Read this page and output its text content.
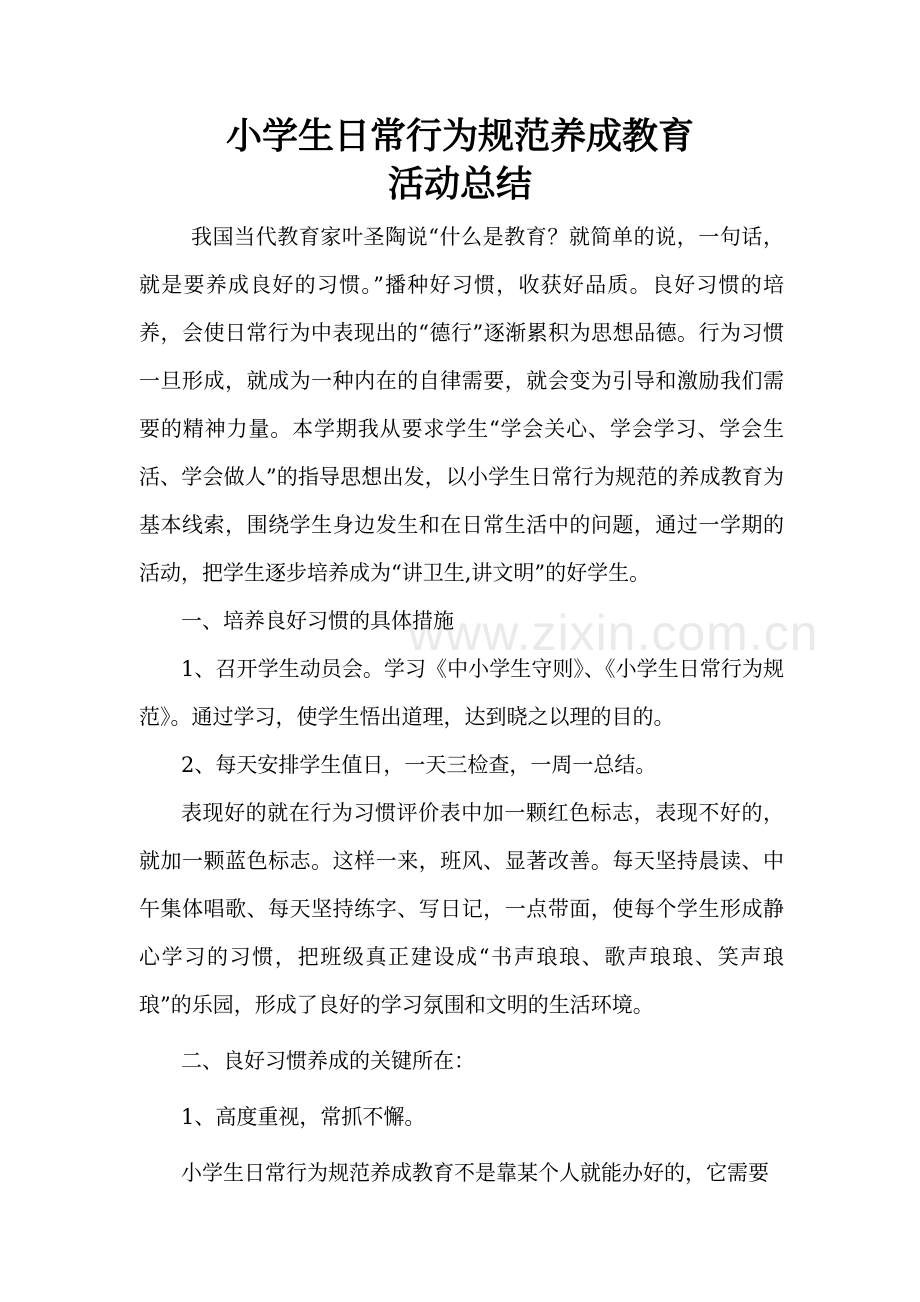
小学生日常行为规范养成教育
活动总结

我国当代教育家叶圣陶说“什么是教育？就简单的说，一句话，就是要养成良好的习惯。”播种好习惯，收获好品质。良好习惯的培养，会使日常行为中表现出的“德行”逐渐累积为思想品德。行为习惯一旦形成，就成为一种内在的自律需要，就会变为引导和激励我们需要的精神力量。本学期我从要求学生“学会关心、学会学习、学会生活、学会做人”的指导思想出发，以小学生日常行为规范的养成教育为基本线索，围绕学生身边发生和在日常生活中的问题，通过一学期的活动，把学生逐步培养成为“讲卫生,讲文明”的好学生。

一、培养良好习惯的具体措施

1、召开学生动员会。学习《中小学生守则》、《小学生日常行为规范》。通过学习，使学生悟出道理，达到晓之以理的目的。

2、每天安排学生值日，一天三检查，一周一总结。

表现好的就在行为习惯评价表中加一颗红色标志，表现不好的，就加一颗蓝色标志。这样一来，班风、显著改善。每天坚持晨读、中午集体唱歌、每天坚持练字、写日记，一点带面，使每个学生形成静心学习的习惯，把班级真正建设成“书声琅琅、歌声琅琅、笑声琅琅”的乐园，形成了良好的学习氛围和文明的生活环境。

二、良好习惯养成的关键所在：

1、高度重视，常抓不懈。

小学生日常行为规范养成教育不是靠某个人就能办好的，它需要

www.zixin.com.cn
